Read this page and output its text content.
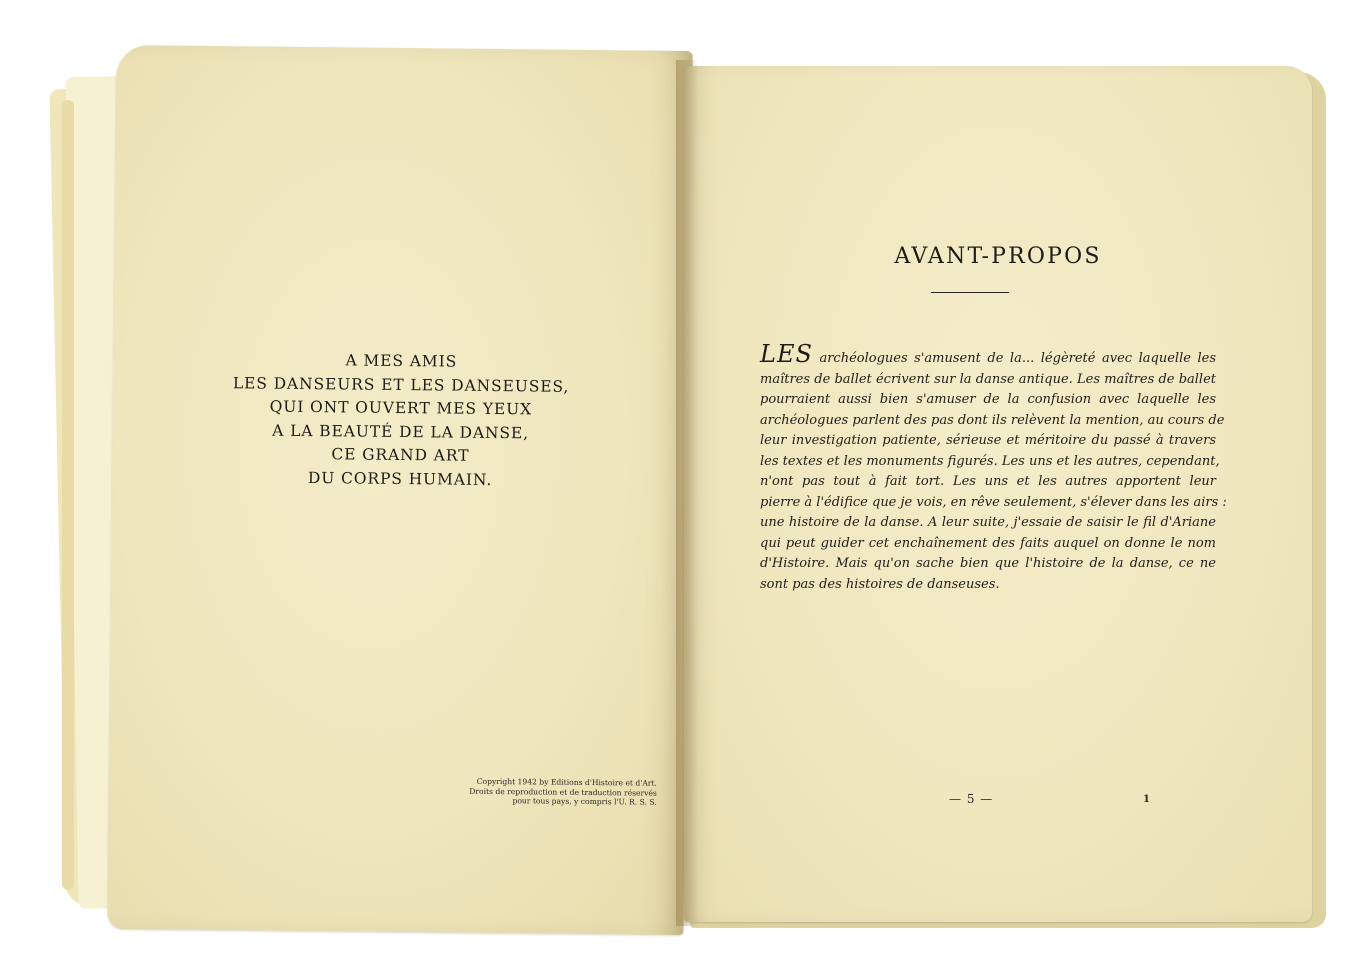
A MES AMIS
LES DANSEURS ET LES DANSEUSES,
QUI ONT OUVERT MES YEUX
A LA BEAUTÉ DE LA DANSE,
CE GRAND ART
DU CORPS HUMAIN.
Copyright 1942 by Editions d'Histoire et d'Art.
Droits de reproduction et de traduction réservés
pour tous pays, y compris l'U. R. S. S.
AVANT-PROPOS
LES archéologues s'amusent de la... légèreté avec laquelle les
maîtres de ballet écrivent sur la danse antique. Les maîtres de ballet
pourraient aussi bien s'amuser de la confusion avec laquelle les
archéologues parlent des pas dont ils relèvent la mention, au cours de
leur investigation patiente, sérieuse et méritoire du passé à travers
les textes et les monuments figurés. Les uns et les autres, cependant,
n'ont pas tout à fait tort. Les uns et les autres apportent leur
pierre à l'édifice que je vois, en rêve seulement, s'élever dans les airs :
une histoire de la danse. A leur suite, j'essaie de saisir le fil d'Ariane
qui peut guider cet enchaînement des faits auquel on donne le nom
d'Histoire. Mais qu'on sache bien que l'histoire de la danse, ce ne
sont pas des histoires de danseuses.
— 5 —	1
